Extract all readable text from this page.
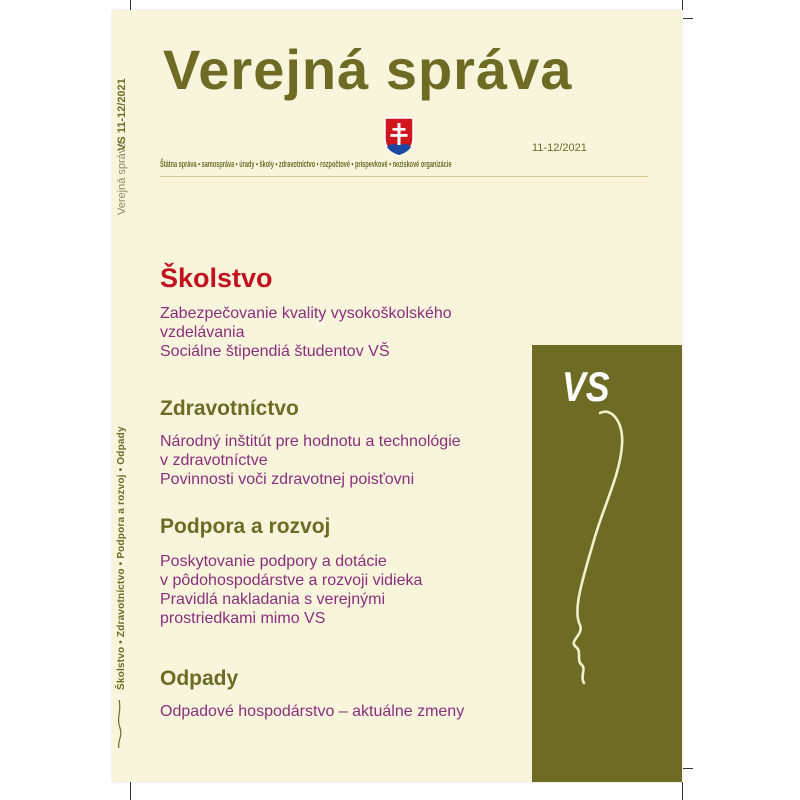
VS 11-12/2021
Verejná správa
Školstvo • Zdravotníctvo • Podpora a rozvoj • Odpady
Verejná správa
11-12/2021
Štátna správa • samospráva • úrady • školy • zdravotníctvo • rozpočtové • príspevkové • neziskové organizácie
Školstvo
Zabezpečovanie kvality vysokoškolského
vzdelávania
Sociálne štipendiá študentov VŠ
Zdravotníctvo
Národný inštitút pre hodnotu a technológie
v zdravotníctve
Povinnosti voči zdravotnej poisťovni
Podpora a rozvoj
Poskytovanie podpory a dotácie
v pôdohospodárstve a rozvoji vidieka
Pravidlá nakladania s verejnými
prostriedkami mimo VS
Odpady
Odpadové hospodárstvo – aktuálne zmeny
VS
